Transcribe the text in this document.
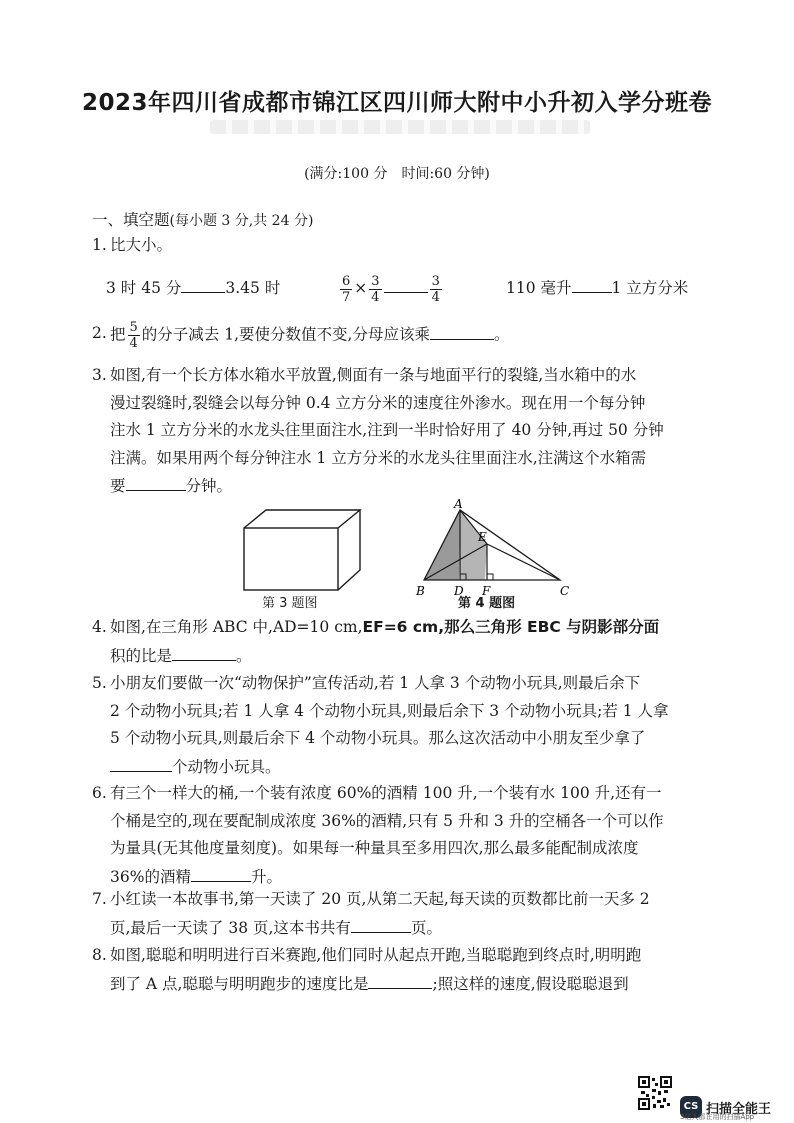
2023年四川省成都市锦江区四川师大附中小升初入学分班卷
(满分:100 分　时间:60 分钟)
一、填空题(每小题 3 分,共 24 分)
1. 比大小。
3 时 45 分	3.45 时	$\frac{6}{7} \times \frac{3}{4}$	$\frac{3}{4}$	110 毫升	1 立方分米
2. 把 $\frac{5}{4}$ 的分子减去 1,要使分数值不变,分母应该乘	。
3. 如图,有一个长方体水箱水平放置,侧面有一条与地面平行的裂缝,当水箱中的水
漫过裂缝时,裂缝会以每分钟 0.4 立方分米的速度往外渗水。现在用一个每分钟
注水 1 立方分米的水龙头往里面注水,注到一半时恰好用了 40 分钟,再过 50 分钟
注满。如果用两个每分钟注水 1 立方分米的水龙头往里面注水,注满这个水箱需
要	分钟。
A
E
B D F	C
第 3 题图	第 4 题图
4. 如图,在三角形 ABC 中,AD=10 cm,EF=6 cm,那么三角形 EBC 与阴影部分面
积的比是	。
5. 小朋友们要做一次“动物保护”宣传活动,若 1 人拿 3 个动物小玩具,则最后余下
2 个动物小玩具;若 1 人拿 4 个动物小玩具,则最后余下 3 个动物小玩具;若 1 人拿
5 个动物小玩具,则最后余下 4 个动物小玩具。那么这次活动中小朋友至少拿了
个动物小玩具。
6. 有三个一样大的桶,一个装有浓度 60%的酒精 100 升,一个装有水 100 升,还有一
个桶是空的,现在要配制成浓度 36%的酒精,只有 5 升和 3 升的空桶各一个可以作
为量具(无其他度量刻度)。如果每一种量具至多用四次,那么最多能配制成浓度
36%的酒精	升。
7. 小红读一本故事书,第一天读了 20 页,从第二天起,每天读的页数都比前一天多 2
页,最后一天读了 38 页,这本书共有	页。
8. 如图,聪聪和明明进行百米赛跑,他们同时从起点开跑,当聪聪跑到终点时,明明跑
到了 A 点,聪聪与明明跑步的速度比是	;照这样的速度,假设聪聪退到
CS 扫描全能王
3亿人都在用的扫描App
